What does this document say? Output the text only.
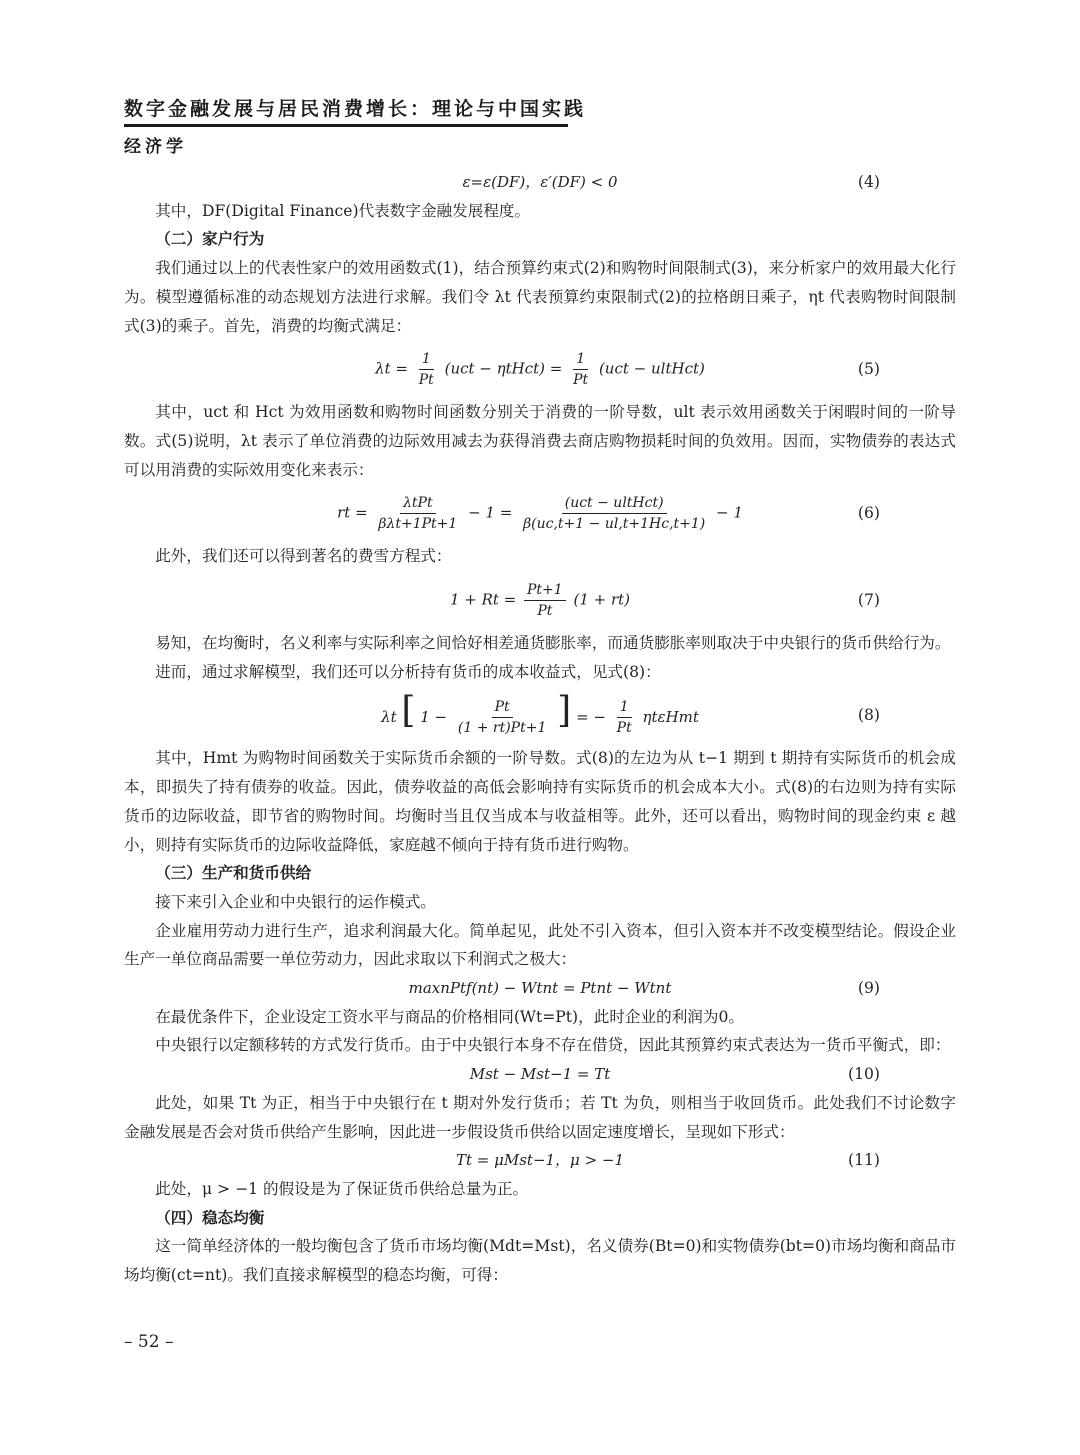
数字金融发展与居民消费增长：理论与中国实践
经济学
ε=ε(DF)，ε′(DF) < 0	(4)

其中，DF(Digital Finance)代表数字金融发展程度。

（二）家户行为

我们通过以上的代表性家户的效用函数式(1)，结合预算约束式(2)和购物时间限制式(3)，来分析家户的效用最大化行为。模型遵循标准的动态规划方法进行求解。我们令 λt 代表预算约束限制式(2)的拉格朗日乘子，ηt 代表购物时间限制式(3)的乘子。首先，消费的均衡式满足：

$\lambda t = \frac{1}{Pt} (uct$ − ηtHct) = $\frac{1}{Pt} (uct$ − ultHct)	(5)

其中，uct 和 Hct 为效用函数和购物时间函数分别关于消费的一阶导数，ult 表示效用函数关于闲暇时间的一阶导数。式(5)说明，λt 表示了单位消费的边际效用减去为获得消费去商店购物损耗时间的负效用。因而，实物债券的表达式可以用消费的实际效用变化来表示：

rt = $\frac{\text{λtPt}}{\text{βλt+1Pt+1}} - 1 = \frac{\text{(uct − ultHct)}}{\beta(uc,t+1 - ul,t+1Hc,t+1)} - 1$	(6)

此外，我们还可以得到著名的费雪方程式：

$1 + Rt = \frac{Pt+1}{Pt} (1 + rt)$	(7)

易知，在均衡时，名义利率与实际利率之间恰好相差通货膨胀率，而通货膨胀率则取决于中央银行的货币供给行为。

进而，通过求解模型，我们还可以分析持有货币的成本收益式，见式(8)：

λt [ $1 - \frac{Pt}{(1 + rt)Pt+1}$ ] = − $\frac{1}{Pt}$ ηtεHmt	(8)

其中，Hmt 为购物时间函数关于实际货币余额的一阶导数。式(8)的左边为从 t−1 期到 t 期持有实际货币的机会成本，即损失了持有债券的收益。因此，债券收益的高低会影响持有实际货币的机会成本大小。式(8)的右边则为持有实际货币的边际收益，即节省的购物时间。均衡时当且仅当成本与收益相等。此外，还可以看出，购物时间的现金约束 ε 越小，则持有实际货币的边际收益降低，家庭越不倾向于持有货币进行购物。

（三）生产和货币供给

接下来引入企业和中央银行的运作模式。

企业雇用劳动力进行生产，追求利润最大化。简单起见，此处不引入资本，但引入资本并不改变模型结论。假设企业生产一单位商品需要一单位劳动力，因此求取以下利润式之极大：

maxnPtf(nt) − Wtnt = Ptnt − Wtnt	(9)

在最优条件下，企业设定工资水平与商品的价格相同(Wt=Pt)，此时企业的利润为0。

中央银行以定额移转的方式发行货币。由于中央银行本身不存在借贷，因此其预算约束式表达为一货币平衡式，即：

Mst − Mst−1 = Tt	(10)

此处，如果 Tt 为正，相当于中央银行在 t 期对外发行货币；若 Tt 为负，则相当于收回货币。此处我们不讨论数字金融发展是否会对货币供给产生影响，因此进一步假设货币供给以固定速度增长，呈现如下形式：

Tt = μMst−1，μ > −1	(11)

此处，μ > −1 的假设是为了保证货币供给总量为正。

（四）稳态均衡

这一简单经济体的一般均衡包含了货币市场均衡(Mdt=Mst)，名义债券(Bt=0)和实物债券(bt=0)市场均衡和商品市场均衡(ct=nt)。我们直接求解模型的稳态均衡，可得：

– 52 –
